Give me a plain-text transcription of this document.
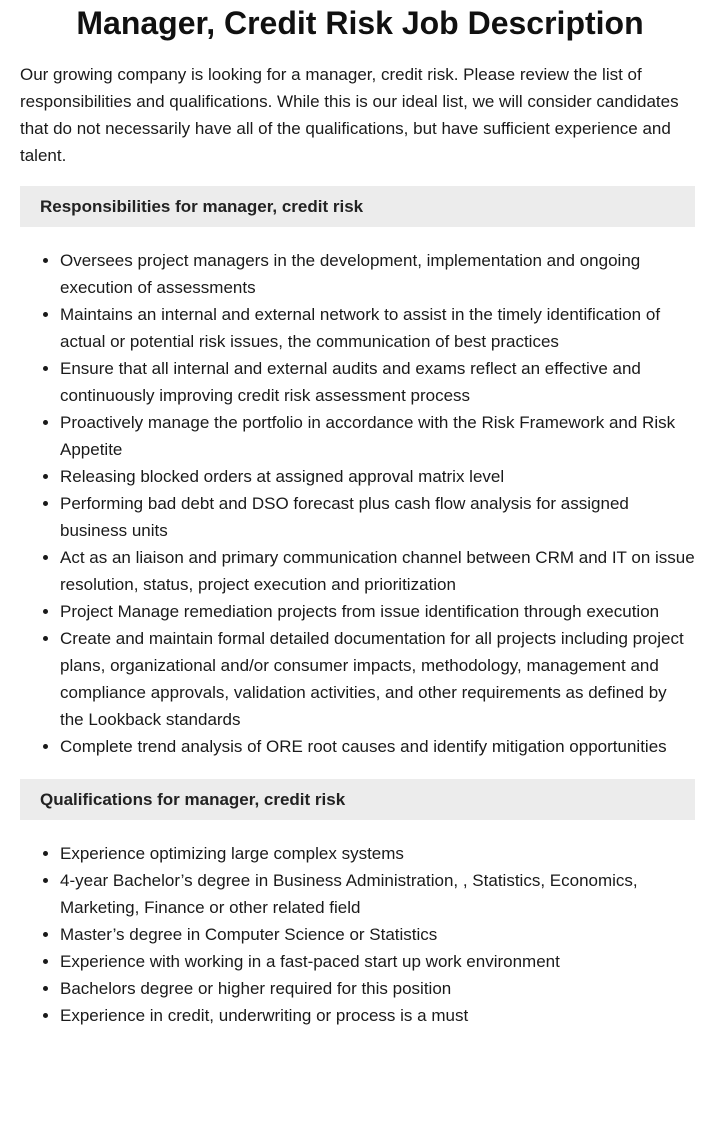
Manager, Credit Risk Job Description

Our growing company is looking for a manager, credit risk. Please review the list of responsibilities and qualifications. While this is our ideal list, we will consider candidates that do not necessarily have all of the qualifications, but have sufficient experience and talent.

Responsibilities for manager, credit risk
• Oversees project managers in the development, implementation and ongoing execution of assessments
• Maintains an internal and external network to assist in the timely identification of actual or potential risk issues, the communication of best practices
• Ensure that all internal and external audits and exams reflect an effective and continuously improving credit risk assessment process
• Proactively manage the portfolio in accordance with the Risk Framework and Risk Appetite
• Releasing blocked orders at assigned approval matrix level
• Performing bad debt and DSO forecast plus cash flow analysis for assigned business units
• Act as an liaison and primary communication channel between CRM and IT on issue resolution, status, project execution and prioritization
• Project Manage remediation projects from issue identification through execution
• Create and maintain formal detailed documentation for all projects including project plans, organizational and/or consumer impacts, methodology, management and compliance approvals, validation activities, and other requirements as defined by the Lookback standards
• Complete trend analysis of ORE root causes and identify mitigation opportunities
Qualifications for manager, credit risk
• Experience optimizing large complex systems
• 4-year Bachelor’s degree in Business Administration, , Statistics, Economics, Marketing, Finance or other related field
• Master’s degree in Computer Science or Statistics
• Experience with working in a fast-paced start up work environment
• Bachelors degree or higher required for this position
• Experience in credit, underwriting or process is a must
